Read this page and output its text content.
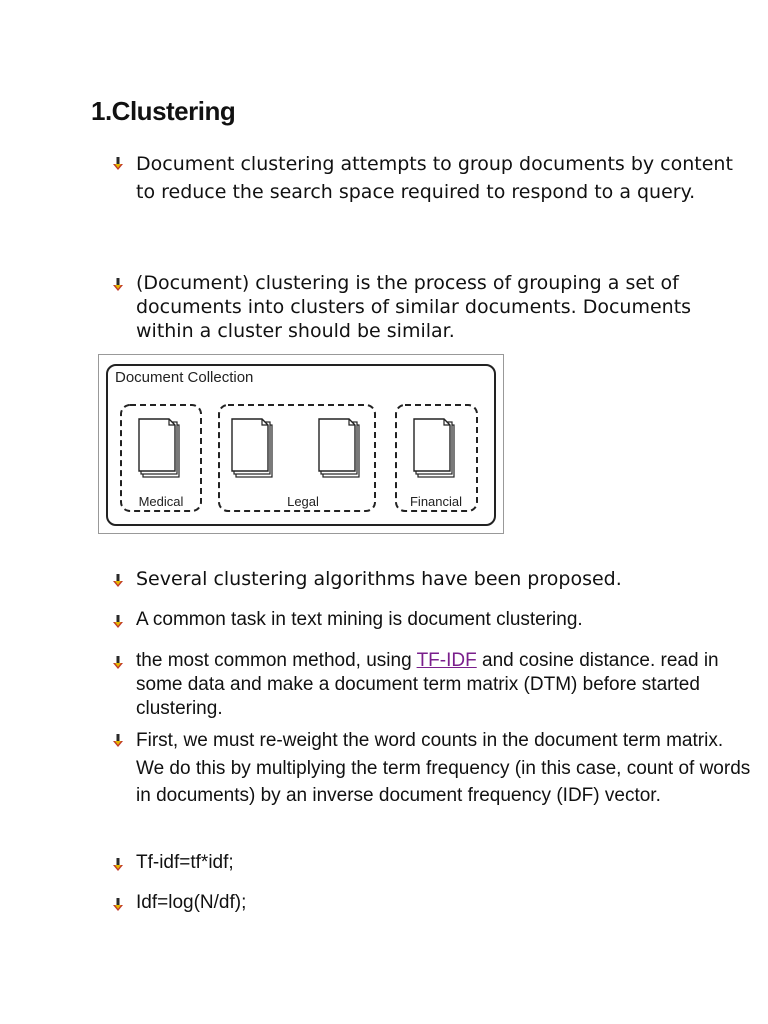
1.Clustering
Document clustering attempts to group documents by content to reduce the search space required to respond to a query.
(Document) clustering is the process of grouping a set of documents into clusters of similar documents. Documents within a cluster should be similar.
Document Collection
Medical	Legal	Financial
Several clustering algorithms have been proposed.
A common task in text mining is document clustering.
the most common method, using TF-IDF and cosine distance. read in some data and make a document term matrix (DTM) before started clustering.
First, we must re-weight the word counts in the document term matrix. We do this by multiplying the term frequency (in this case, count of words in documents) by an inverse document frequency (IDF) vector.
Tf-idf=tf*idf;
Idf=log(N/df);
